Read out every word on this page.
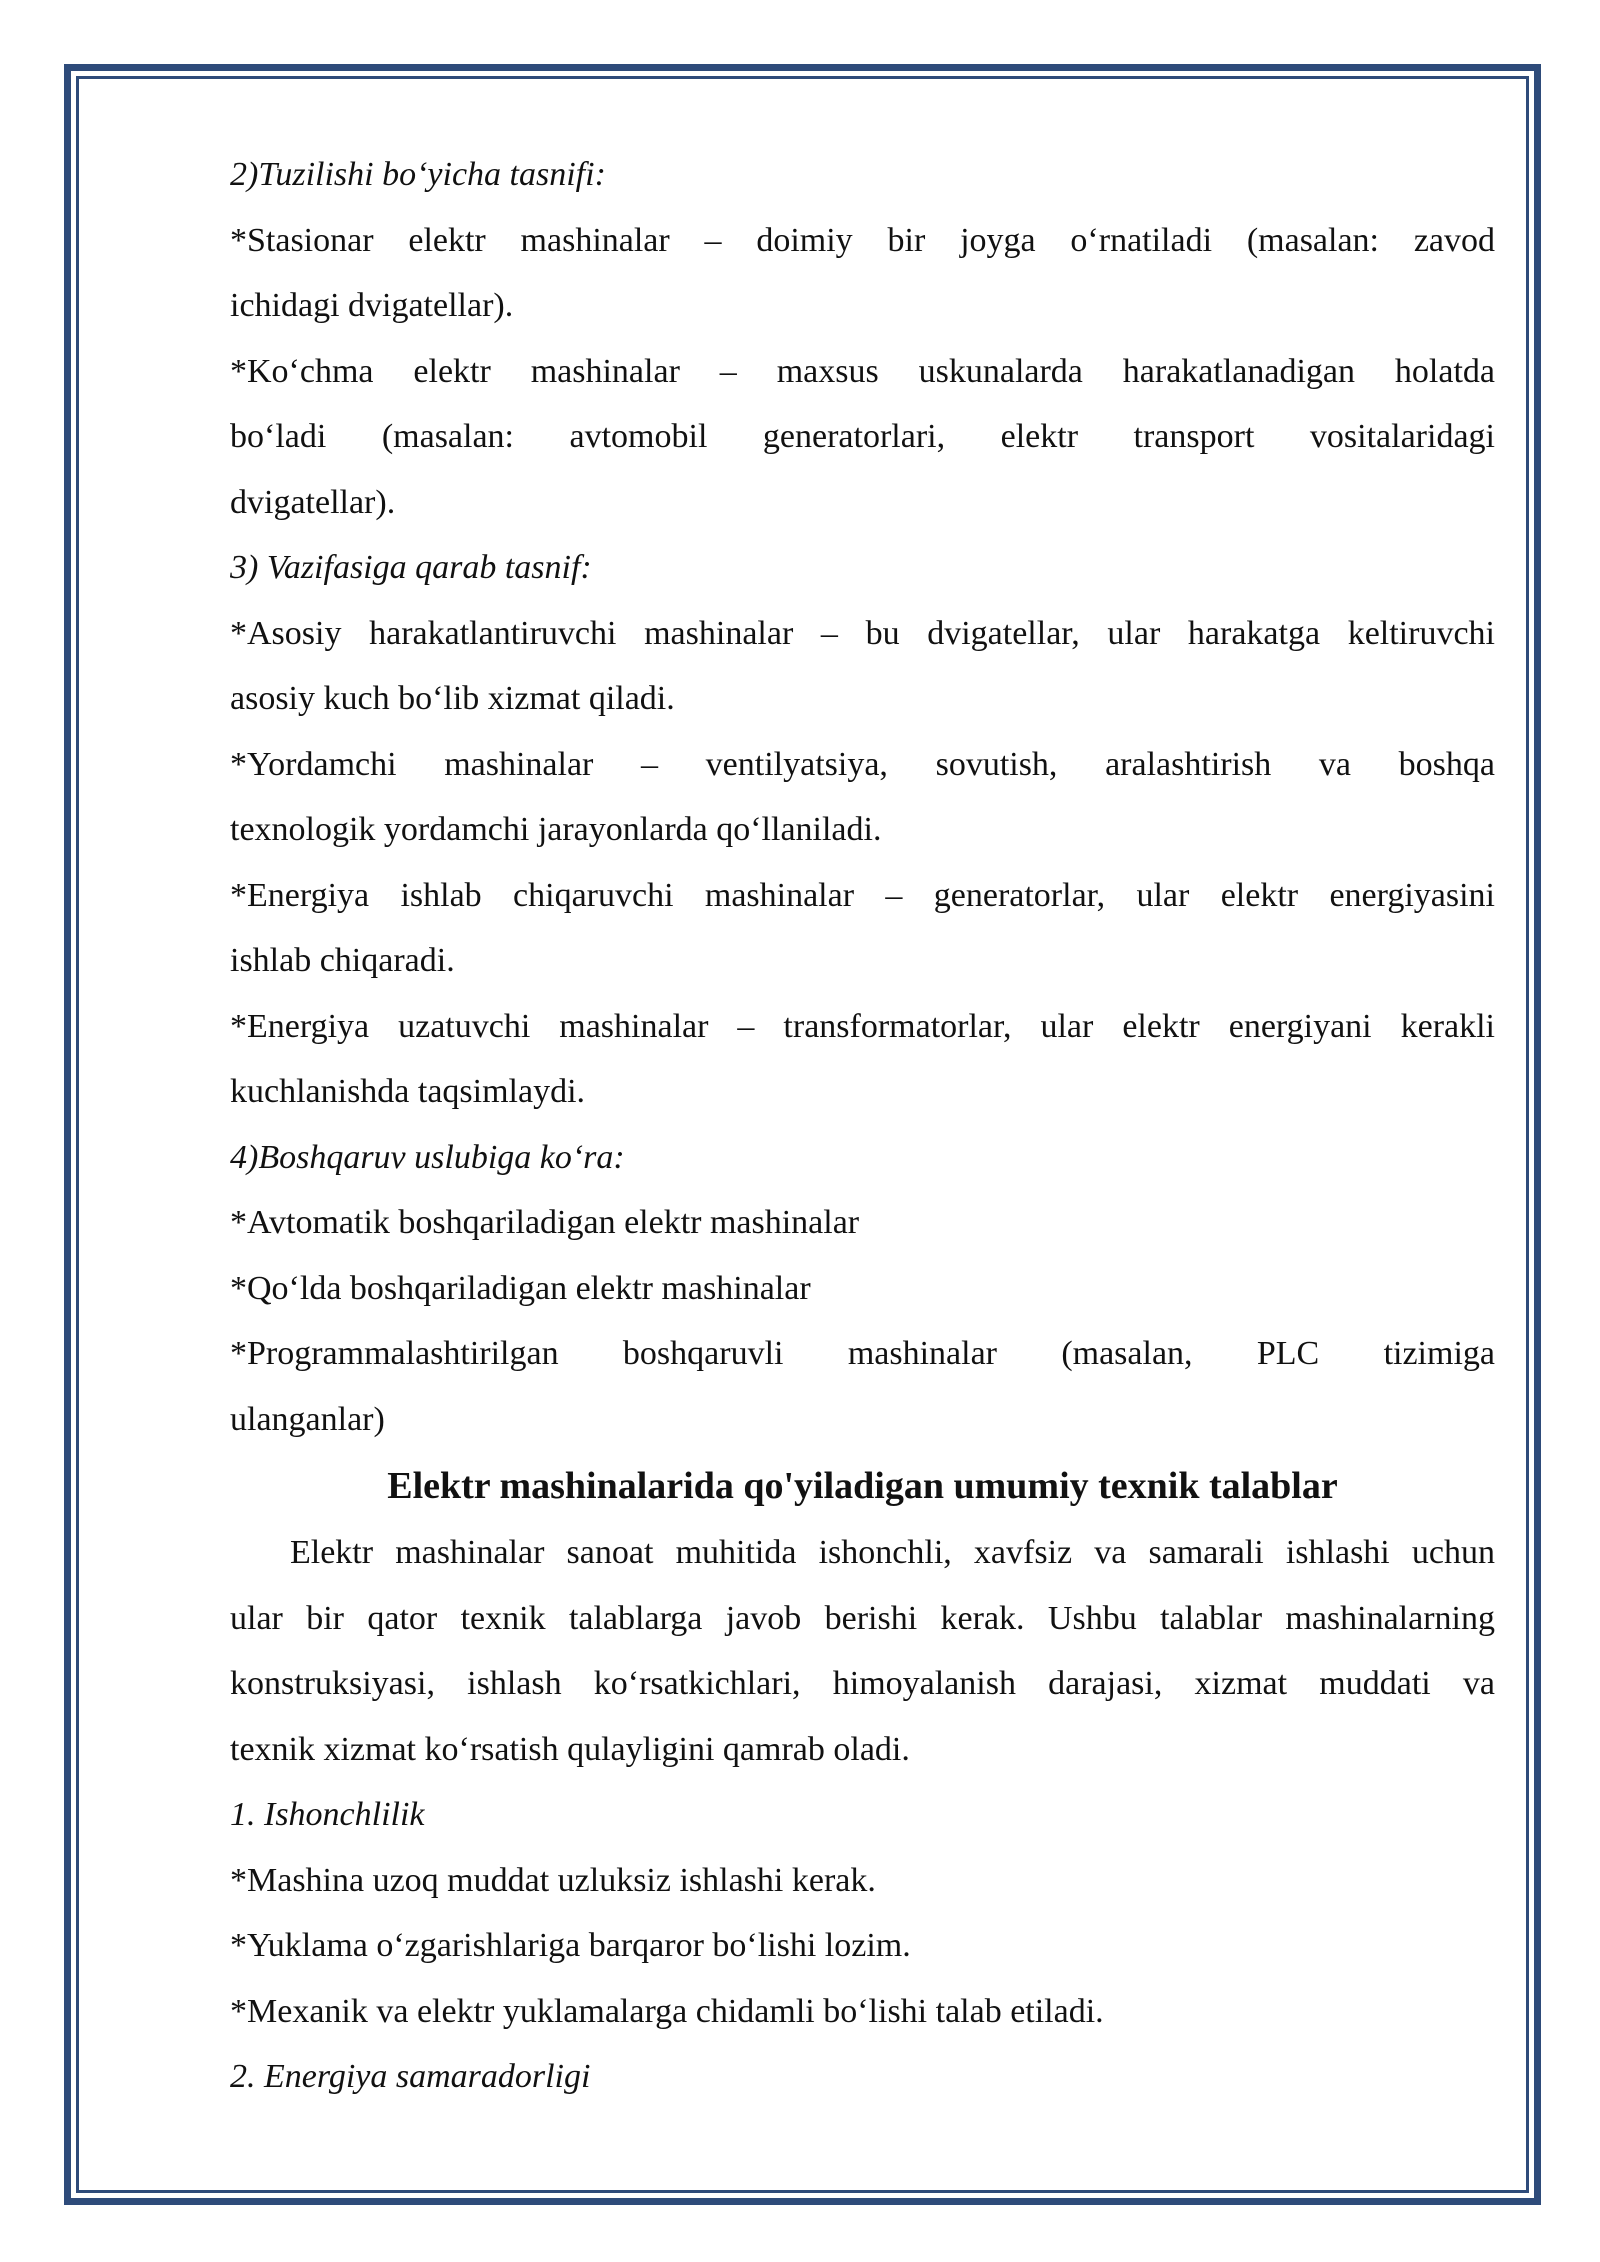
2)Tuzilishi bo‘yicha tasnifi:
*Stasionar elektr mashinalar – doimiy bir joyga o‘rnatiladi (masalan: zavod
ichidagi dvigatellar).
*Ko‘chma elektr mashinalar – maxsus uskunalarda harakatlanadigan holatda
bo‘ladi (masalan: avtomobil generatorlari, elektr transport vositalaridagi
dvigatellar).
3) Vazifasiga qarab tasnif:
*Asosiy harakatlantiruvchi mashinalar – bu dvigatellar, ular harakatga keltiruvchi
asosiy kuch bo‘lib xizmat qiladi.
*Yordamchi mashinalar – ventilyatsiya, sovutish, aralashtirish va boshqa
texnologik yordamchi jarayonlarda qo‘llaniladi.
*Energiya ishlab chiqaruvchi mashinalar – generatorlar, ular elektr energiyasini
ishlab chiqaradi.
*Energiya uzatuvchi mashinalar – transformatorlar, ular elektr energiyani kerakli
kuchlanishda taqsimlaydi.
4)Boshqaruv uslubiga ko‘ra:
*Avtomatik boshqariladigan elektr mashinalar
*Qo‘lda boshqariladigan elektr mashinalar
*Programmalashtirilgan boshqaruvli mashinalar (masalan, PLC tizimiga
ulanganlar)
Elektr mashinalarida qo'yiladigan umumiy texnik talablar
Elektr mashinalar sanoat muhitida ishonchli, xavfsiz va samarali ishlashi uchun
ular bir qator texnik talablarga javob berishi kerak. Ushbu talablar mashinalarning
konstruksiyasi, ishlash ko‘rsatkichlari, himoyalanish darajasi, xizmat muddati va
texnik xizmat ko‘rsatish qulayligini qamrab oladi.
1. Ishonchlilik
*Mashina uzoq muddat uzluksiz ishlashi kerak.
*Yuklama o‘zgarishlariga barqaror bo‘lishi lozim.
*Mexanik va elektr yuklamalarga chidamli bo‘lishi talab etiladi.
2. Energiya samaradorligi
